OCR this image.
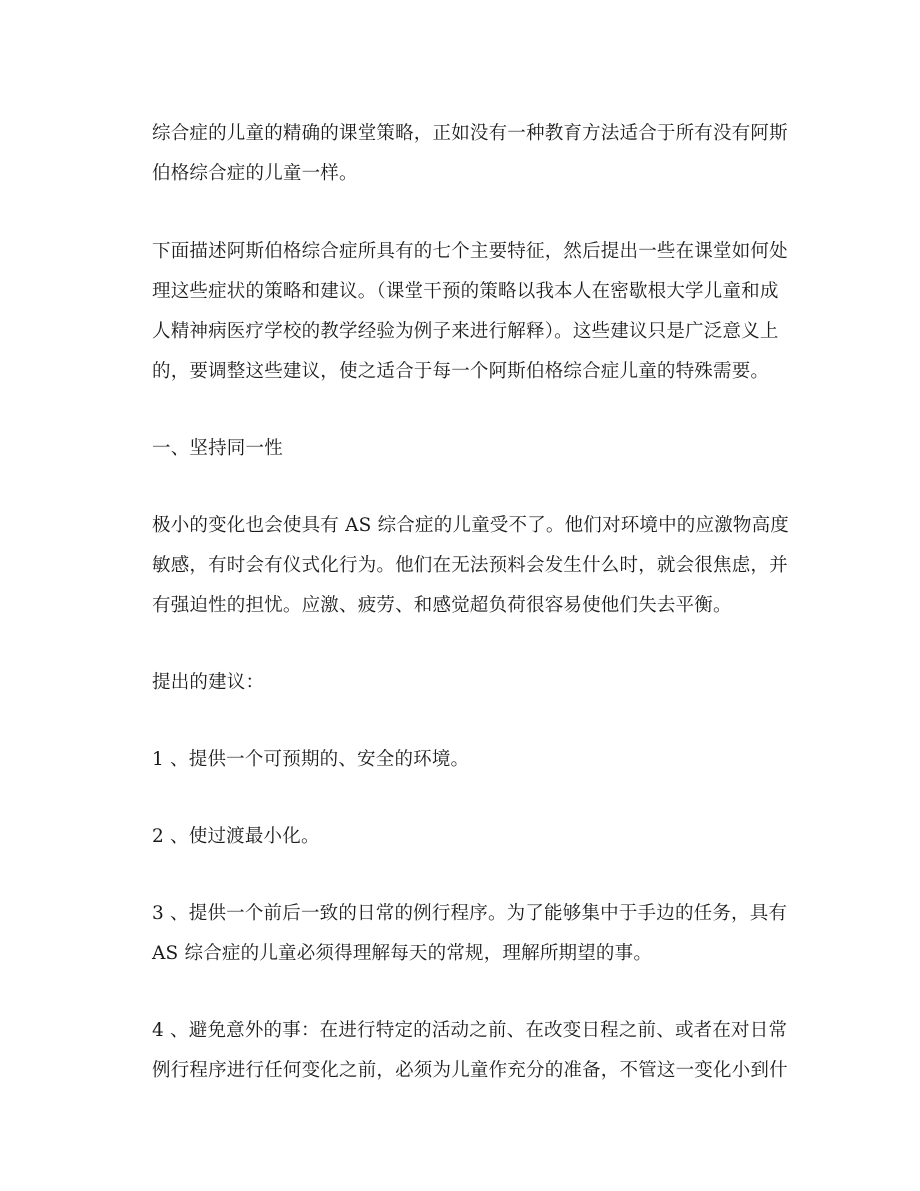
综合症的儿童的精确的课堂策略，正如没有一种教育方法适合于所有没有阿斯

伯格综合症的儿童一样。

下面描述阿斯伯格综合症所具有的七个主要特征，然后提出一些在课堂如何处

理这些症状的策略和建议。（课堂干预的策略以我本人在密歇根大学儿童和成

人精神病医疗学校的教学经验为例子来进行解释）。这些建议只是广泛意义上

的，要调整这些建议，使之适合于每一个阿斯伯格综合症儿童的特殊需要。

一、坚持同一性

极小的变化也会使具有 AS 综合症的儿童受不了。他们对环境中的应激物高度

敏感，有时会有仪式化行为。他们在无法预料会发生什么时，就会很焦虑，并

有强迫性的担忧。应激、疲劳、和感觉超负荷很容易使他们失去平衡。

提出的建议：

1 、提供一个可预期的、安全的环境。

2 、使过渡最小化。

3 、提供一个前后一致的日常的例行程序。为了能够集中于手边的任务，具有

AS 综合症的儿童必须得理解每天的常规，理解所期望的事。

4 、避免意外的事：在进行特定的活动之前、在改变日程之前、或者在对日常

例行程序进行任何变化之前，必须为儿童作充分的准备，不管这一变化小到什
